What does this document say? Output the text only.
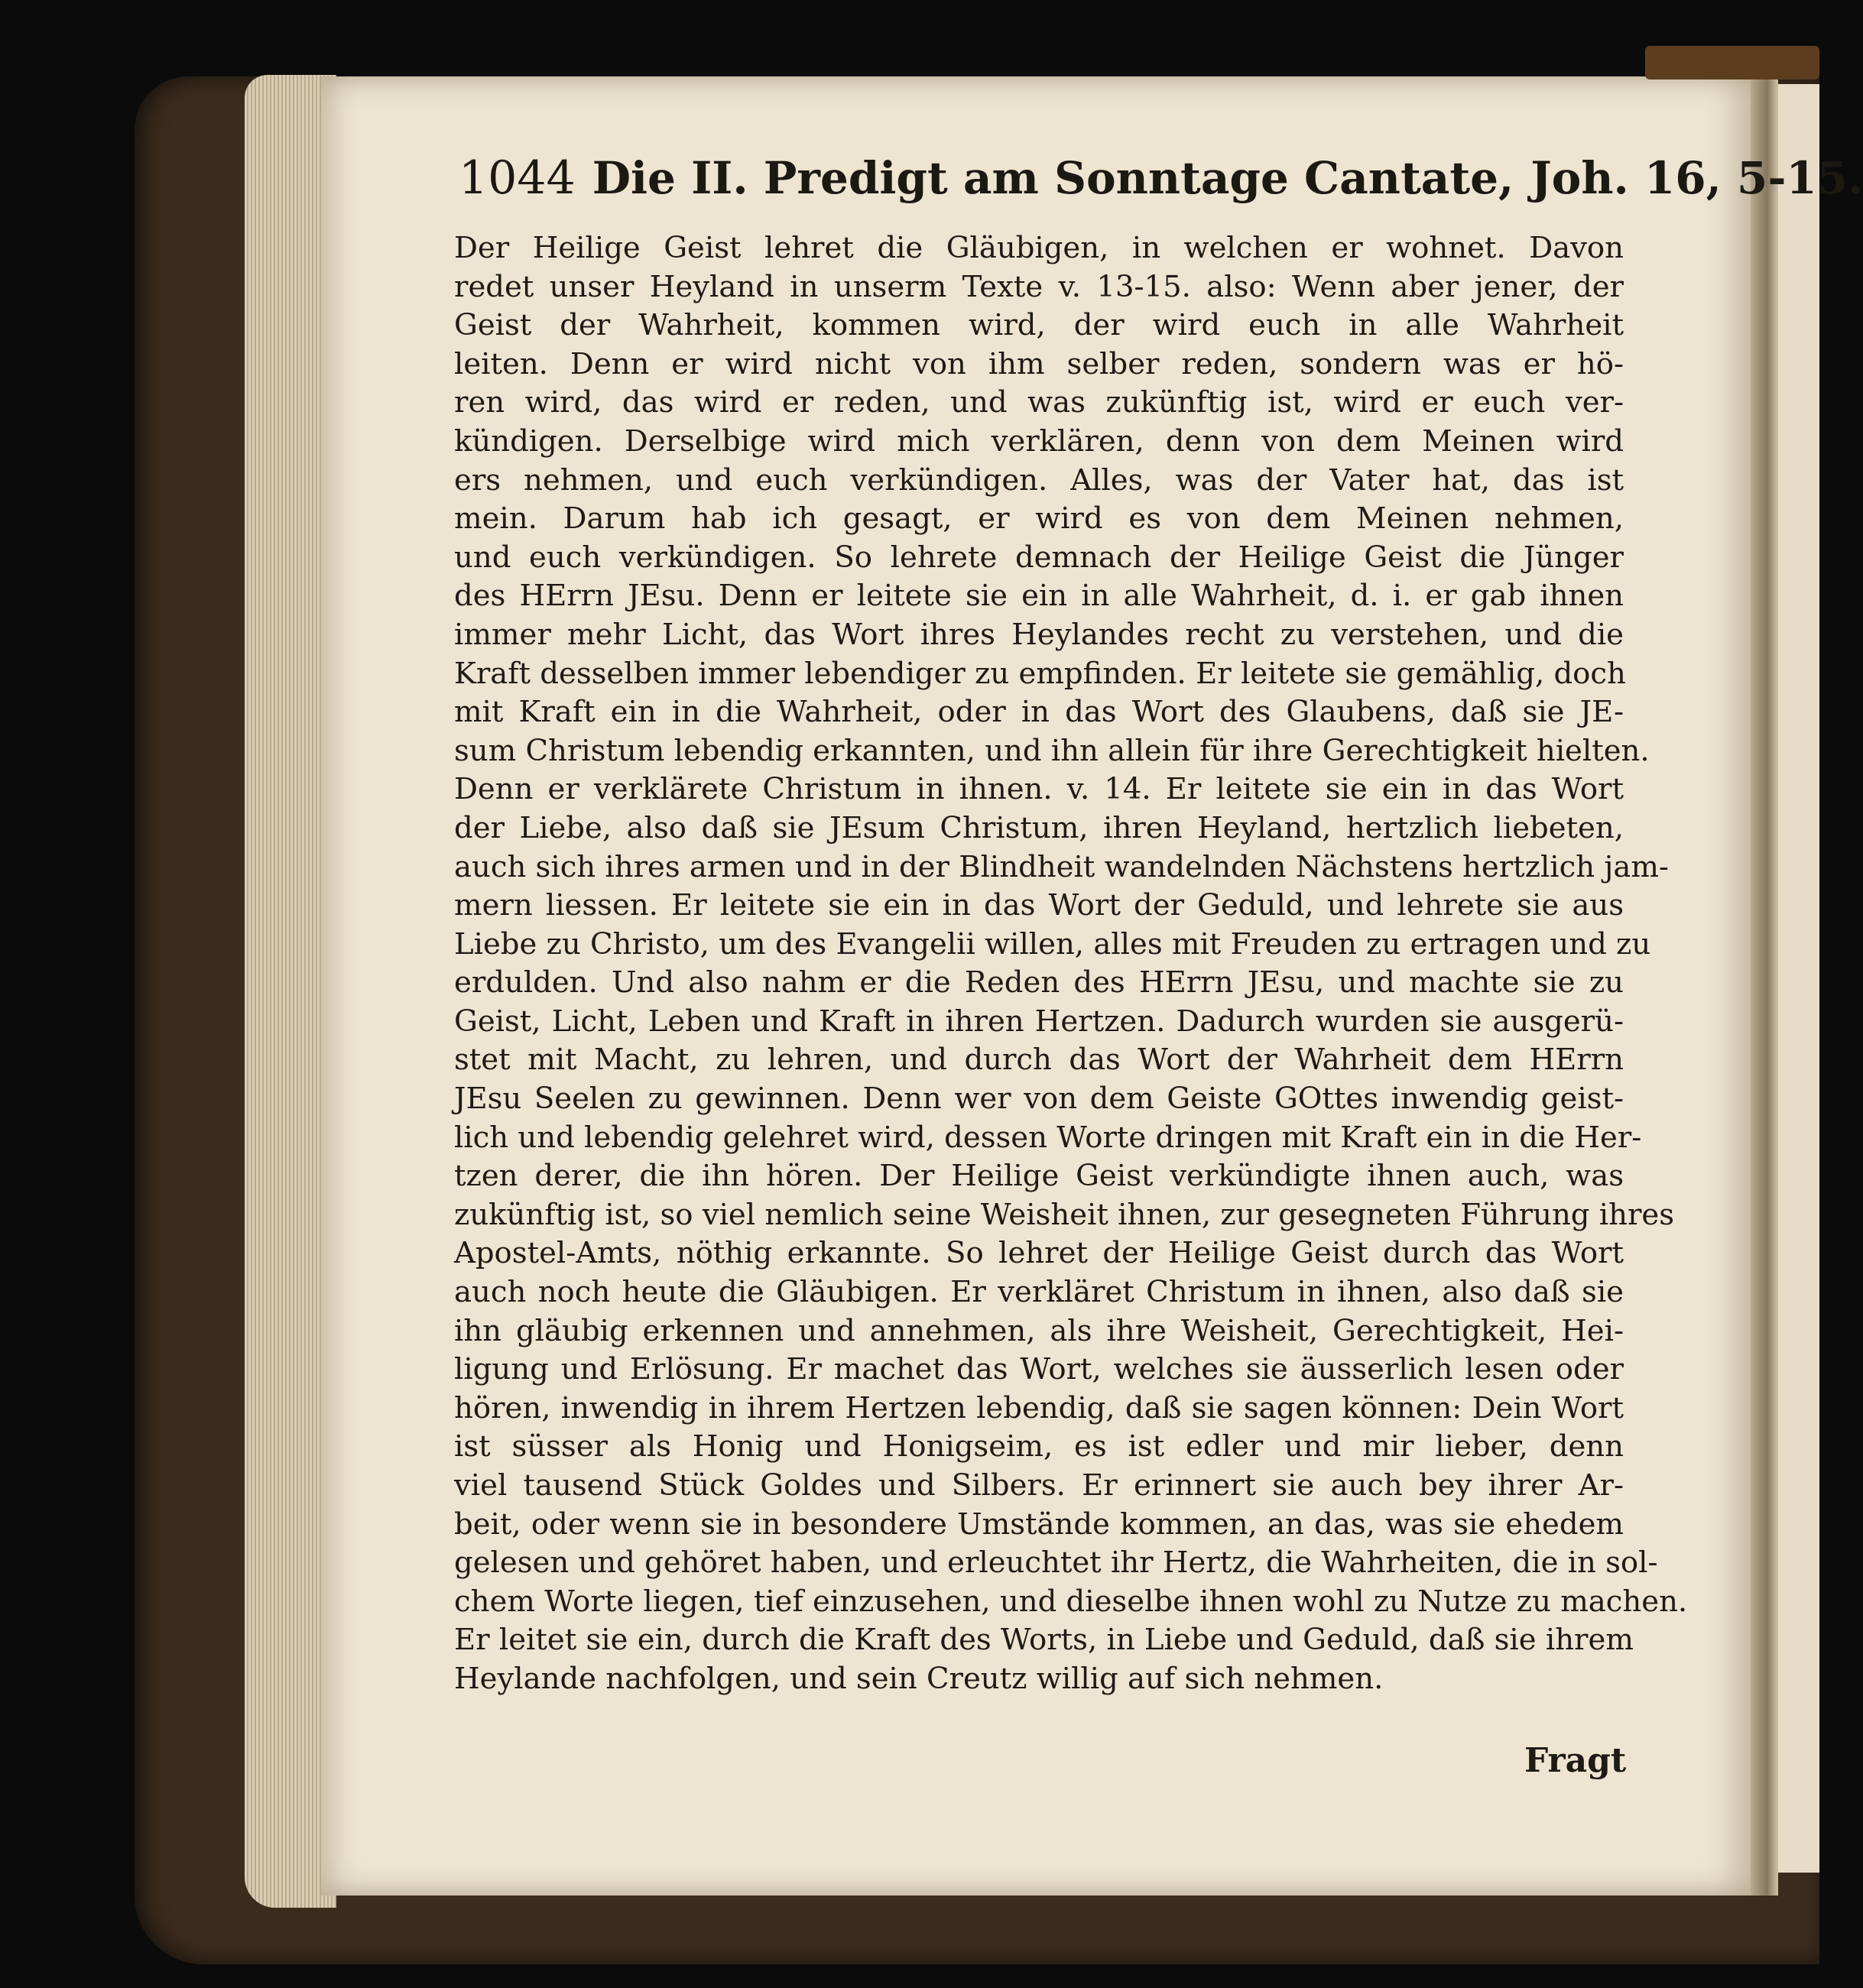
1044 Die II. Predigt am Sonntage Cantate, Joh. 16, 5-15.
Der Heilige Geist lehret die Gläubigen, in welchen er wohnet. Davon
redet unser Heyland in unserm Texte v. 13-15. also: Wenn aber jener, der
Geist der Wahrheit, kommen wird, der wird euch in alle Wahrheit
leiten. Denn er wird nicht von ihm selber reden, sondern was er hö-
ren wird, das wird er reden, und was zukünftig ist, wird er euch ver-
kündigen. Derselbige wird mich verklären, denn von dem Meinen wird
ers nehmen, und euch verkündigen. Alles, was der Vater hat, das ist
mein. Darum hab ich gesagt, er wird es von dem Meinen nehmen,
und euch verkündigen. So lehrete demnach der Heilige Geist die Jünger
des HErrn JEsu. Denn er leitete sie ein in alle Wahrheit, d. i. er gab ihnen
immer mehr Licht, das Wort ihres Heylandes recht zu verstehen, und die
Kraft desselben immer lebendiger zu empfinden. Er leitete sie gemählig, doch
mit Kraft ein in die Wahrheit, oder in das Wort des Glaubens, daß sie JE-
sum Christum lebendig erkannten, und ihn allein für ihre Gerechtigkeit hielten.
Denn er verklärete Christum in ihnen. v. 14. Er leitete sie ein in das Wort
der Liebe, also daß sie JEsum Christum, ihren Heyland, hertzlich liebeten,
auch sich ihres armen und in der Blindheit wandelnden Nächstens hertzlich jam-
mern liessen. Er leitete sie ein in das Wort der Geduld, und lehrete sie aus
Liebe zu Christo, um des Evangelii willen, alles mit Freuden zu ertragen und zu
erdulden. Und also nahm er die Reden des HErrn JEsu, und machte sie zu
Geist, Licht, Leben und Kraft in ihren Hertzen. Dadurch wurden sie ausgerü-
stet mit Macht, zu lehren, und durch das Wort der Wahrheit dem HErrn
JEsu Seelen zu gewinnen. Denn wer von dem Geiste GOttes inwendig geist-
lich und lebendig gelehret wird, dessen Worte dringen mit Kraft ein in die Her-
tzen derer, die ihn hören. Der Heilige Geist verkündigte ihnen auch, was
zukünftig ist, so viel nemlich seine Weisheit ihnen, zur gesegneten Führung ihres
Apostel-Amts, nöthig erkannte. So lehret der Heilige Geist durch das Wort
auch noch heute die Gläubigen. Er verkläret Christum in ihnen, also daß sie
ihn gläubig erkennen und annehmen, als ihre Weisheit, Gerechtigkeit, Hei-
ligung und Erlösung. Er machet das Wort, welches sie äusserlich lesen oder
hören, inwendig in ihrem Hertzen lebendig, daß sie sagen können: Dein Wort
ist süsser als Honig und Honigseim, es ist edler und mir lieber, denn
viel tausend Stück Goldes und Silbers. Er erinnert sie auch bey ihrer Ar-
beit, oder wenn sie in besondere Umstände kommen, an das, was sie ehedem
gelesen und gehöret haben, und erleuchtet ihr Hertz, die Wahrheiten, die in sol-
chem Worte liegen, tief einzusehen, und dieselbe ihnen wohl zu Nutze zu machen.
Er leitet sie ein, durch die Kraft des Worts, in Liebe und Geduld, daß sie ihrem
Heylande nachfolgen, und sein Creutz willig auf sich nehmen.
Fragt
